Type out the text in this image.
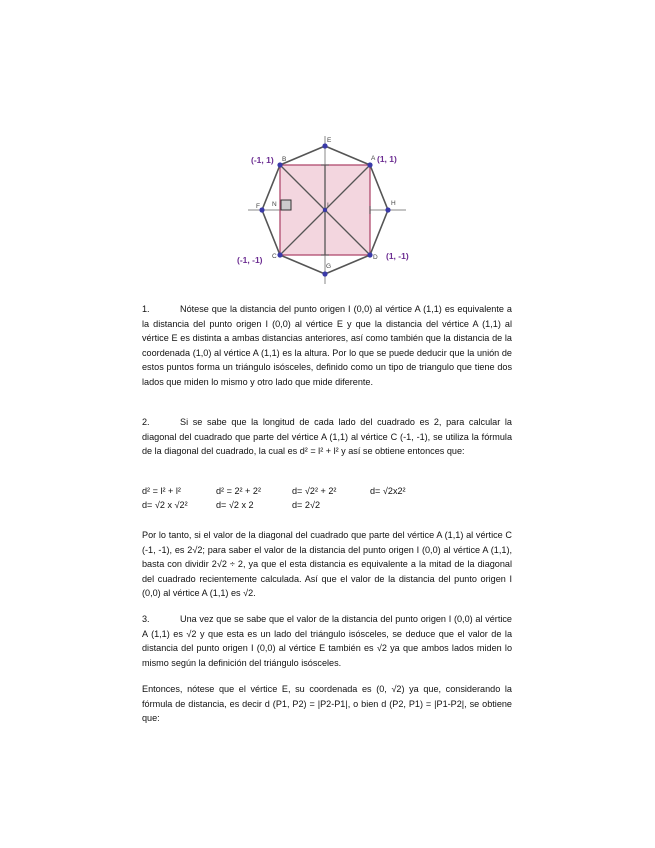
E
A
H
D
G
C
F
B
I
N
(1, 1)
(-1, 1)
(-1, -1)	(1, -1)
1.	Nótese que la distancia del punto origen I (0,0) al vértice A (1,1) es equivalente a la distancia del punto origen I (0,0) al vértice E y que la distancia del vértice A (1,1) al vértice E es distinta a ambas distancias anteriores, así como también que la distancia de la coordenada (1,0) al vértice A (1,1) es la altura. Por lo que se puede deducir que la unión de estos puntos forma un triángulo isósceles, definido como un tipo de triangulo que tiene dos lados que miden lo mismo y otro lado que mide diferente.
2.	Si se sabe que la longitud de cada lado del cuadrado es 2, para calcular la diagonal del cuadrado que parte del vértice A (1,1) al vértice C (-1, -1), se utiliza la fórmula de la diagonal del cuadrado, la cual es d² = l² + l² y así se obtiene entonces que:
d² = l² + l²	d² = 2² + 2²	d= √2² + 2²	d= √2x2²
d= √2 x √2²	d= √2 x 2	d= 2√2
Por lo tanto, si el valor de la diagonal del cuadrado que parte del vértice A (1,1) al vértice C (-1, -1), es 2√2; para saber el valor de la distancia del punto origen I (0,0) al vértice A (1,1), basta con dividir 2√2 ÷ 2, ya que el esta distancia es equivalente a la mitad de la diagonal del cuadrado recientemente calculada. Así que el valor de la distancia del punto origen I (0,0) al vértice A (1,1) es √2.
3.	Una vez que se sabe que el valor de la distancia del punto origen I (0,0) al vértice A (1,1) es √2 y que esta es un lado del triángulo isósceles, se deduce que el valor de la distancia del punto origen I (0,0) al vértice E también es √2 ya que ambos lados miden lo mismo según la definición del triángulo isósceles.
Entonces, nótese que el vértice E, su coordenada es (0, √2) ya que, considerando la fórmula de distancia, es decir d (P1, P2) = |P2-P1|, o bien d (P2, P1) = |P1-P2|, se obtiene que:
